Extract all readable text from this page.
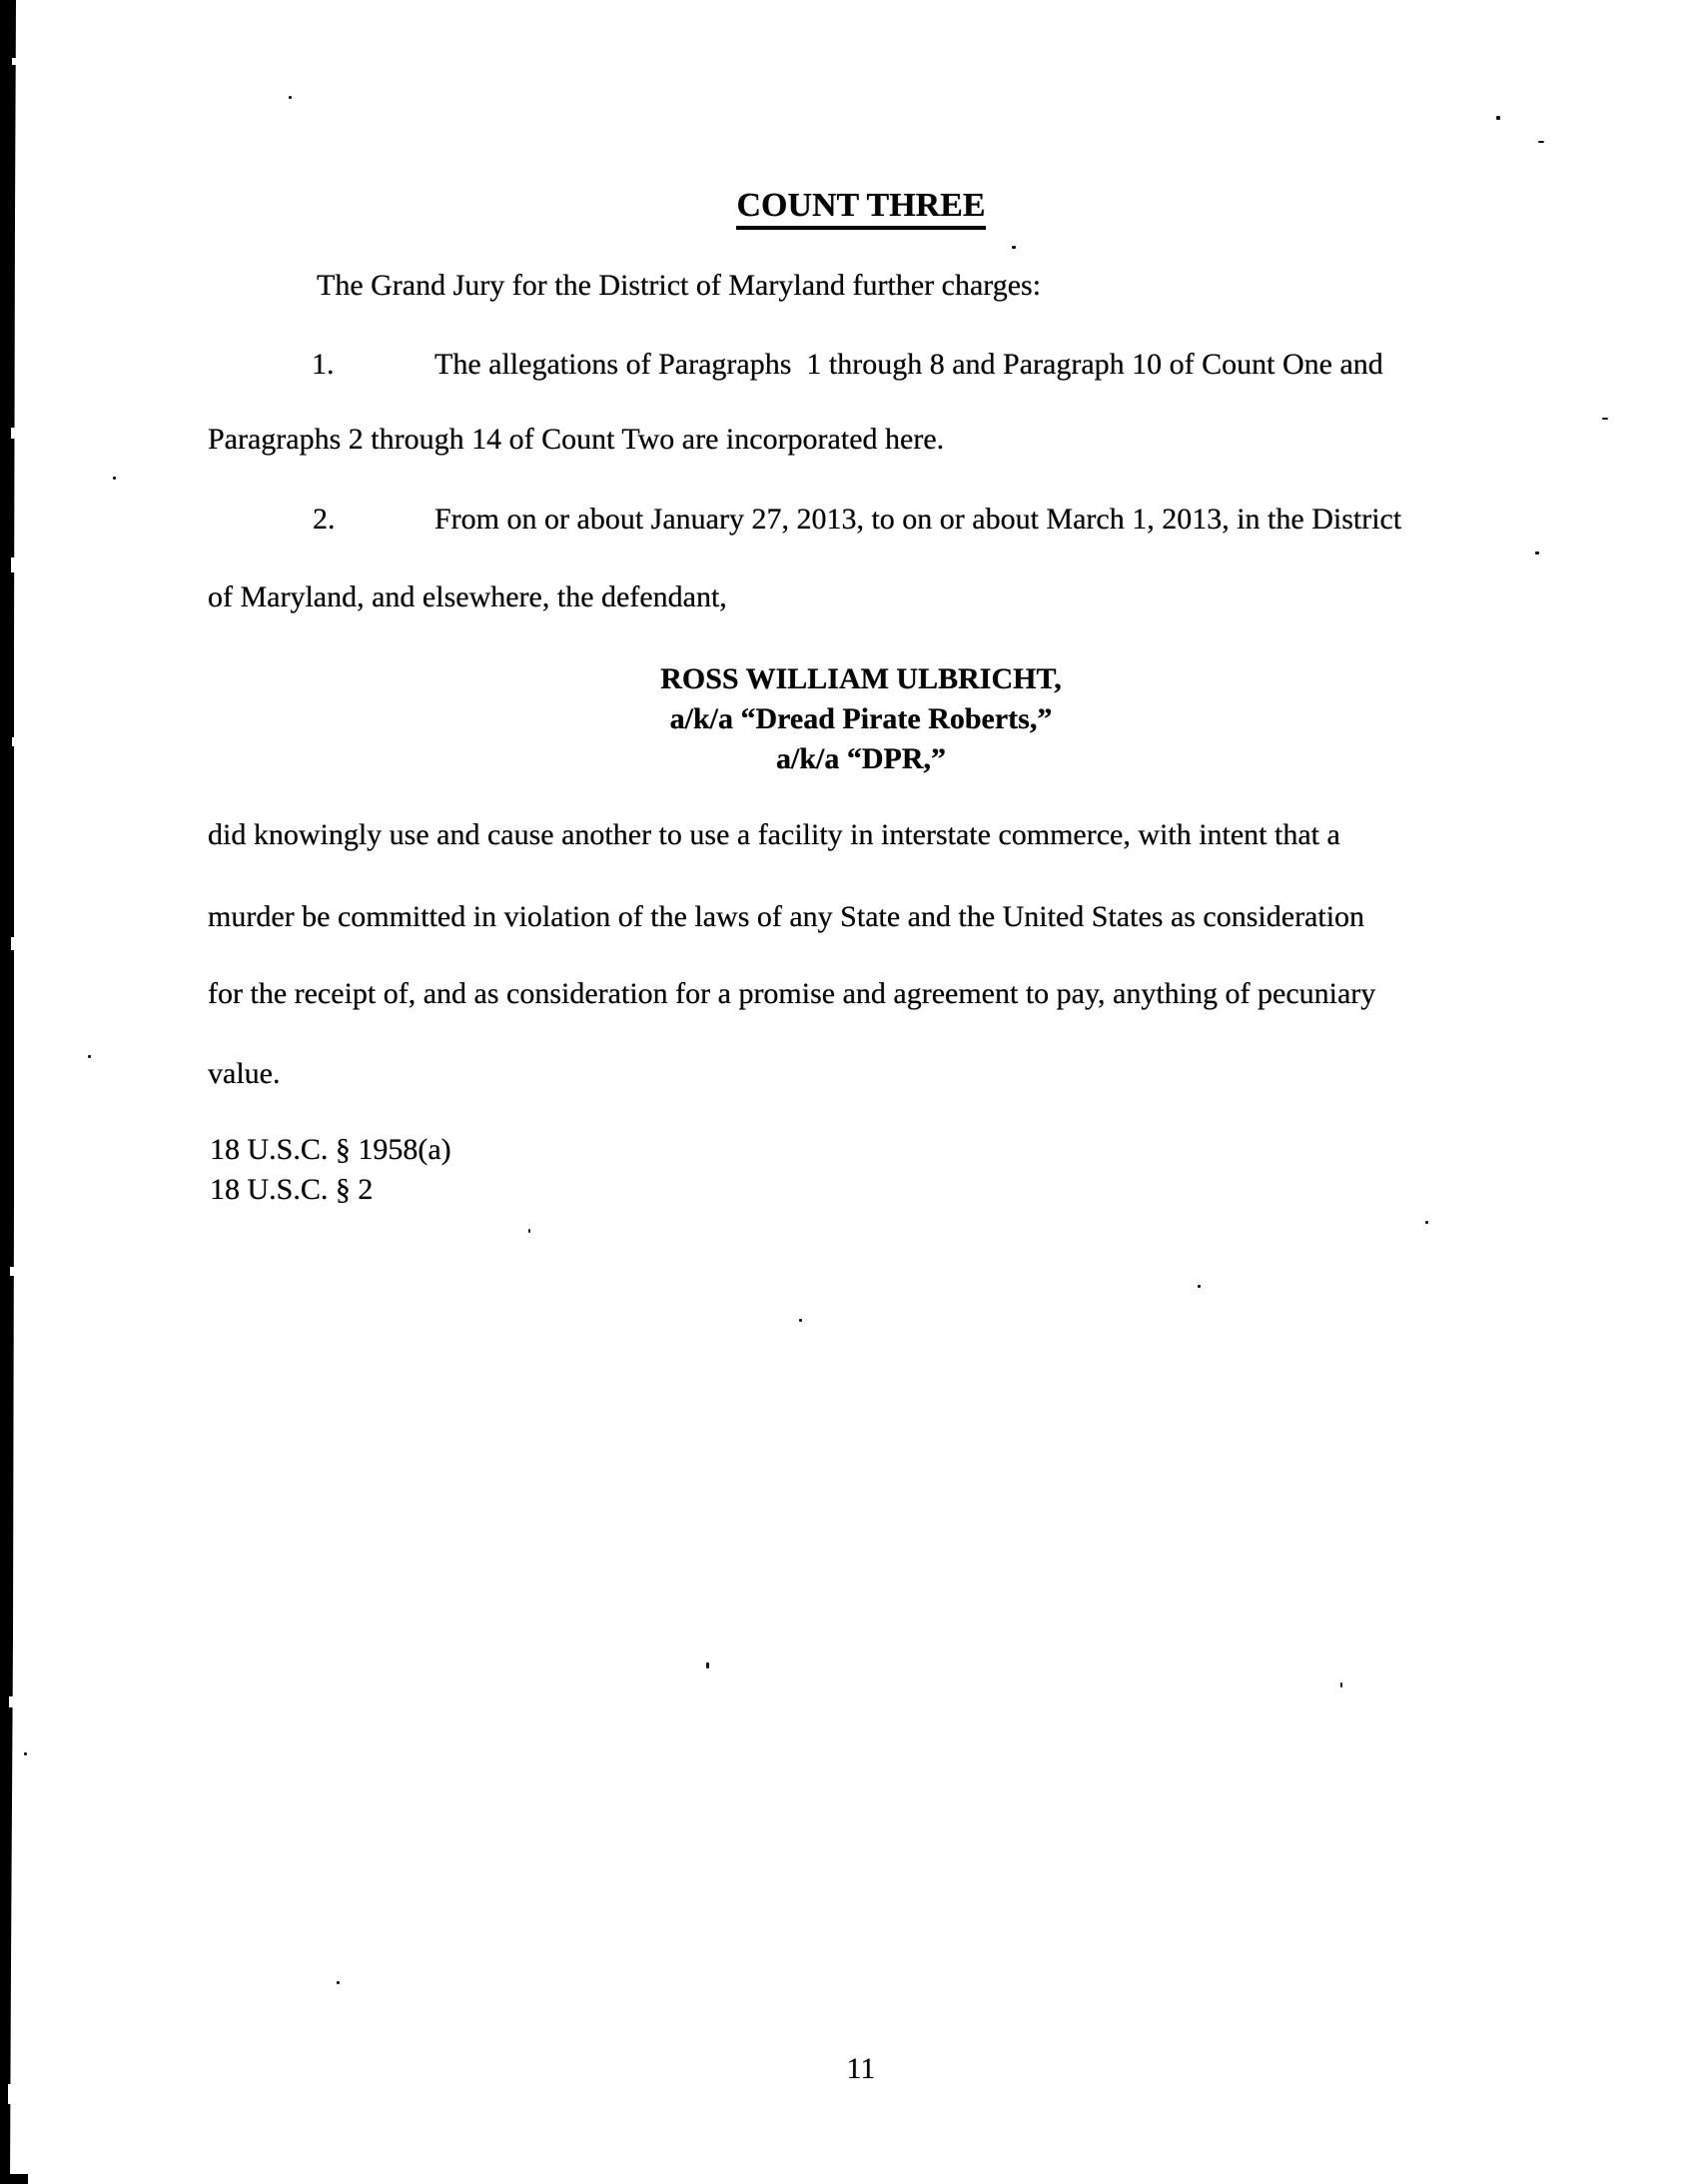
COUNT THREE
The Grand Jury for the District of Maryland further charges:
1.	The allegations of Paragraphs  1 through 8 and Paragraph 10 of Count One and
Paragraphs 2 through 14 of Count Two are incorporated here.
2.	From on or about January 27, 2013, to on or about March 1, 2013, in the District
of Maryland, and elsewhere, the defendant,
ROSS WILLIAM ULBRICHT,
a/k/a “Dread Pirate Roberts,”
a/k/a “DPR,”
did knowingly use and cause another to use a facility in interstate commerce, with intent that a
murder be committed in violation of the laws of any State and the United States as consideration
for the receipt of, and as consideration for a promise and agreement to pay, anything of pecuniary
value.
18 U.S.C. § 1958(a)
18 U.S.C. § 2
11
